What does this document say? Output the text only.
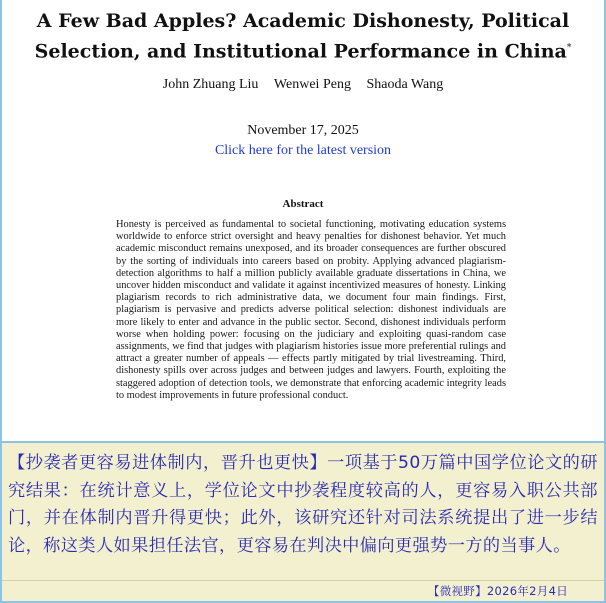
A Few Bad Apples? Academic Dishonesty, Political
Selection, and Institutional Performance in China*
John Zhuang Liu Wenwei Peng Shaoda Wang
November 17, 2025
Click here for the latest version
Abstract

Honesty is perceived as fundamental to societal functioning, motivating education systems worldwide to enforce strict oversight and heavy penalties for dishonest behavior. Yet much academic misconduct remains unexposed, and its broader consequences are further obscured by the sorting of individuals into careers based on probity. Applying advanced plagiarism-detection algorithms to half a million publicly available graduate dissertations in China, we uncover hidden misconduct and validate it against incentivized measures of honesty. Linking plagiarism records to rich administrative data, we document four main findings. First, plagiarism is pervasive and predicts adverse political selection: dishonest individuals are more likely to enter and advance in the public sector. Second, dishonest individuals perform worse when holding power: focusing on the judiciary and exploiting quasi-random case assignments, we find that judges with plagiarism histories issue more preferential rulings and attract a greater number of appeals — effects partly mitigated by trial livestreaming. Third, dishonesty spills over across judges and between judges and lawyers. Fourth, exploiting the staggered adoption of detection tools, we demonstrate that enforcing academic integrity leads to modest improvements in future professional conduct.

【抄袭者更容易进体制内，晋升也更快】一项基于50万篇中国学位论文的研究结果：在统计意义上，学位论文中抄袭程度较高的人，更容易入职公共部门，并在体制内晋升得更快；此外，该研究还针对司法系统提出了进一步结论，称这类人如果担任法官，更容易在判决中偏向更强势一方的当事人。

【微视野】2026年2月4日
